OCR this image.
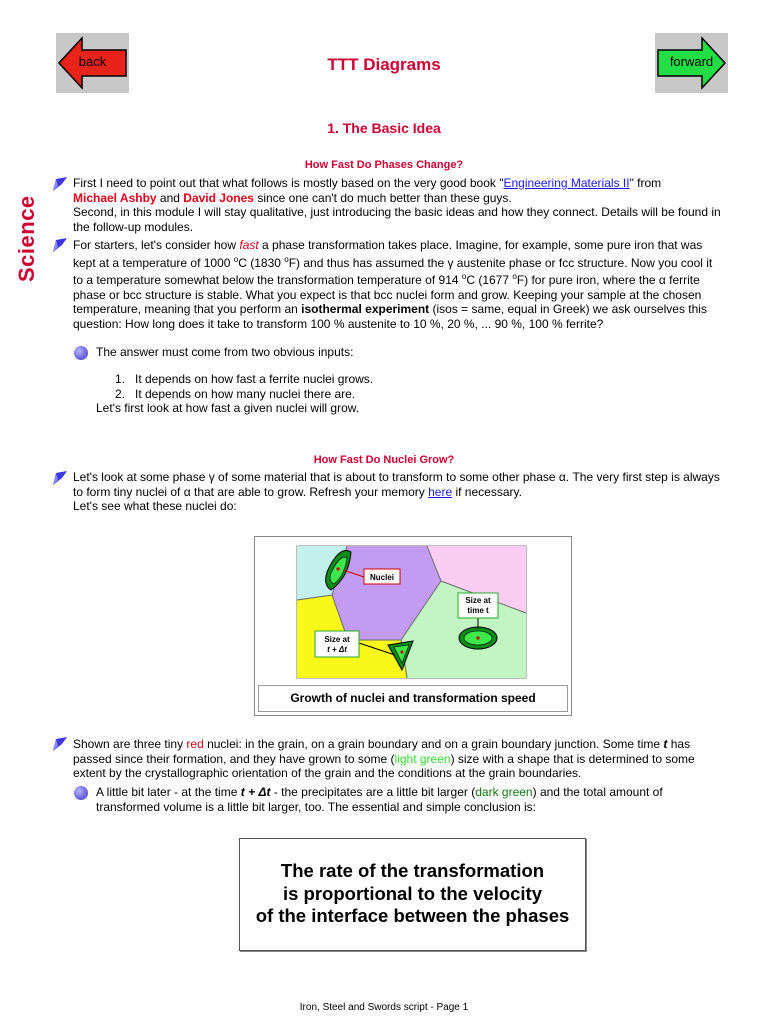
back	forward
TTT Diagrams
1. The Basic Idea
Science
How Fast Do Phases Change?
First I need to point out that what follows is mostly based on the very good book "Engineering Materials II" from
Michael Ashby and David Jones since one can't do much better than these guys.
Second, in this module I will stay qualitative, just introducing the basic ideas and how they connect. Details will be found in the follow-up modules.
For starters, let's consider how fast a phase transformation takes place. Imagine, for example, some pure iron that was kept at a temperature of 1000 $^o$C (1830 $^o$F) and thus has assumed the γ austenite phase or fcc structure. Now you cool it to a temperature somewhat below the transformation temperature of 914 $^o$C (1677 $^o$F) for pure iron, where the α ferrite phase or bcc structure is stable. What you expect is that bcc nuclei form and grow. Keeping your sample at the chosen temperature, meaning that you perform an isothermal experiment (isos = same, equal in Greek) we ask ourselves this question: How long does it take to transform 100 % austenite to 10 %, 20 %, ... 90 %, 100 % ferrite?
The answer must come from two obvious inputs:
1. It depends on how fast a ferrite nuclei grows.
2. It depends on how many nuclei there are.
Let's first look at how fast a given nuclei will grow.
How Fast Do Nuclei Grow?
Let's look at some phase γ of some material that is about to transform to some other phase α. The very first step is always to form tiny nuclei of α that are able to grow. Refresh your memory here if necessary.
Let's see what these nuclei do:
Nuclei
Size at
time t
Size at
t + Δt
Growth of nuclei and transformation speed
Shown are three tiny red nuclei: in the grain, on a grain boundary and on a grain boundary junction. Some time t has passed since their formation, and they have grown to some (light green) size with a shape that is determined to some extent by the crystallographic orientation of the grain and the conditions at the grain boundaries.
A little bit later - at the time t + Δt - the precipitates are a little bit larger (dark green) and the total amount of transformed volume is a little bit larger, too. The essential and simple conclusion is:
The rate of the transformation
is proportional to the velocity
of the interface between the phases
Iron, Steel and Swords script - Page 1
